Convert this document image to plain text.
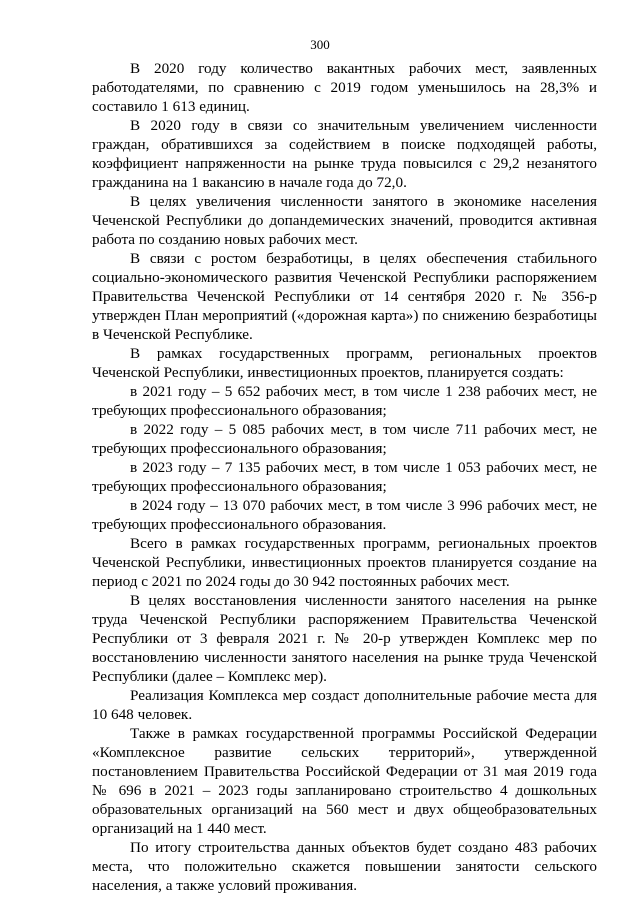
300

В 2020 году количество вакантных рабочих мест, заявленных работодателями, по сравнению с 2019 годом уменьшилось на 28,3% и составило 1 613 единиц.

В 2020 году в связи со значительным увеличением численности граждан, обратившихся за содействием в поиске подходящей работы, коэффициент напряженности на рынке труда повысился с 29,2 незанятого гражданина на 1 вакансию в начале года до 72,0.

В целях увеличения численности занятого в экономике населения Чеченской Республики до допандемических значений, проводится активная работа по созданию новых рабочих мест.

В связи с ростом безработицы, в целях обеспечения стабильного социально-экономического развития Чеченской Республики распоряжением Правительства Чеченской Республики от 14 сентября 2020 г. № 356-р утвержден План мероприятий («дорожная карта») по снижению безработицы в Чеченской Республике.

В рамках государственных программ, региональных проектов Чеченской Республики, инвестиционных проектов, планируется создать:

в 2021 году – 5 652 рабочих мест, в том числе 1 238 рабочих мест, не требующих профессионального образования;

в 2022 году – 5 085 рабочих мест, в том числе 711 рабочих мест, не требующих профессионального образования;

в 2023 году – 7 135 рабочих мест, в том числе 1 053 рабочих мест, не требующих профессионального образования;

в 2024 году – 13 070 рабочих мест, в том числе 3 996 рабочих мест, не требующих профессионального образования.

Всего в рамках государственных программ, региональных проектов Чеченской Республики, инвестиционных проектов планируется создание на период с 2021 по 2024 годы до 30 942 постоянных рабочих мест.

В целях восстановления численности занятого населения на рынке труда Чеченской Республики распоряжением Правительства Чеченской Республики от 3 февраля 2021 г. № 20-р утвержден Комплекс мер по восстановлению численности занятого населения на рынке труда Чеченской Республики (далее – Комплекс мер).

Реализация Комплекса мер создаст дополнительные рабочие места для 10 648 человек.

Также в рамках государственной программы Российской Федерации «Комплексное развитие сельских территорий», утвержденной постановлением Правительства Российской Федерации от 31 мая 2019 года № 696 в 2021 – 2023 годы запланировано строительство 4 дошкольных образовательных организаций на 560 мест и двух общеобразовательных организаций на 1 440 мест.

По итогу строительства данных объектов будет создано 483 рабочих места, что положительно скажется повышении занятости сельского населения, а также условий проживания.
